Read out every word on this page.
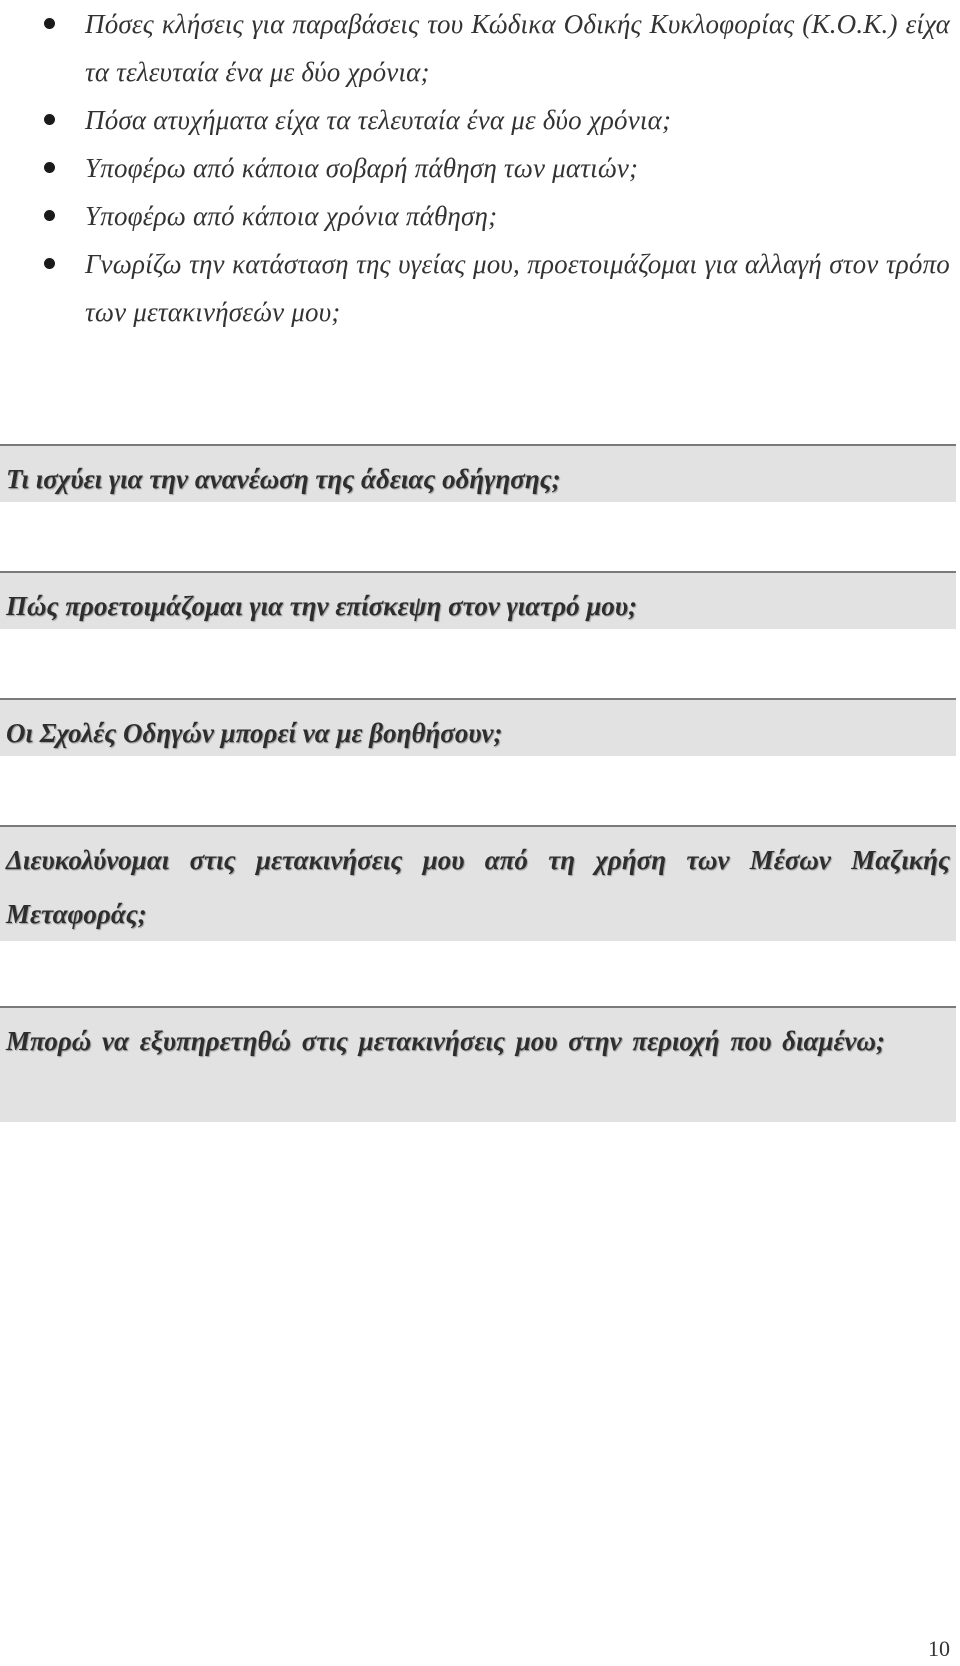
Πόσες κλήσεις για παραβάσεις του Κώδικα Οδικής Κυκλοφορίας (Κ.Ο.Κ.) είχα τα τελευταία ένα με δύο χρόνια;
Πόσα ατυχήματα είχα τα τελευταία ένα με δύο χρόνια;
Υποφέρω από κάποια σοβαρή πάθηση των ματιών;
Υποφέρω από κάποια χρόνια πάθηση;
Γνωρίζω την κατάσταση της υγείας μου, προετοιμάζομαι για αλλαγή στον τρόπο των μετακινήσεών μου;
Τι ισχύει για την ανανέωση της άδειας οδήγησης;
Πώς προετοιμάζομαι για την επίσκεψη στον γιατρό μου;
Οι Σχολές Οδηγών μπορεί να με βοηθήσουν;
Διευκολύνομαι στις μετακινήσεις μου από τη χρήση των Μέσων Μαζικής Μεταφοράς;
Μπορώ να εξυπηρετηθώ στις μετακινήσεις μου στην περιοχή που διαμένω;
10
